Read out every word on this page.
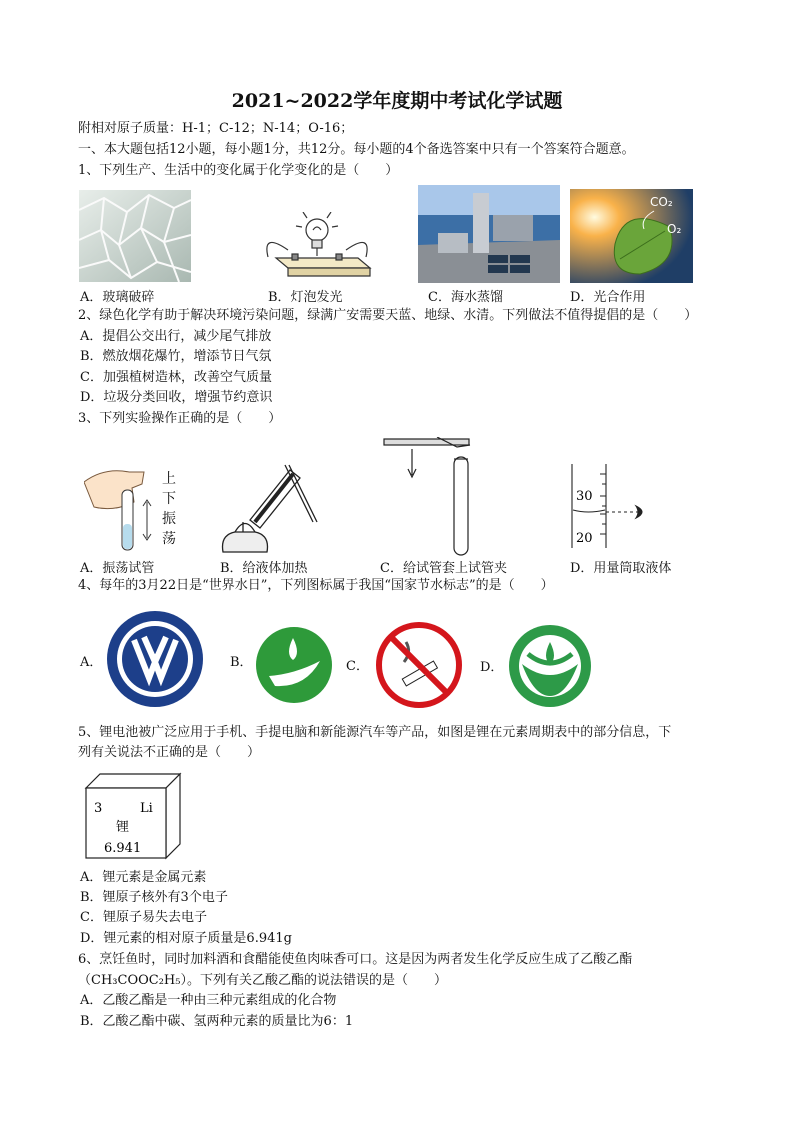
2021~2022学年度期中考试化学试题
附相对原子质量：H-1；C-12；N-14；O-16；
一、本大题包括12小题，每小题1分，共12分。每小题的4个备选答案中只有一个答案符合题意。
1、下列生产、生活中的变化属于化学变化的是（　　）
CO₂
O₂
A．玻璃破碎	B．灯泡发光	C．海水蒸馏	D．光合作用
2、绿色化学有助于解决环境污染问题，绿满广安需要天蓝、地绿、水清。下列做法不值得提倡的是（　　）
A．提倡公交出行，减少尾气排放
B．燃放烟花爆竹，增添节日气氛
C．加强植树造林，改善空气质量
D．垃圾分类回收，增强节约意识
3、下列实验操作正确的是（　　）
上
下
振
荡
30
20
A．振荡试管	B．给液体加热	C．给试管套上试管夹	D．用量筒取液体
4、每年的3月22日是“世界水日”，下列图标属于我国“国家节水标志”的是（　　）
A．	B．	C．	D．
5、锂电池被广泛应用于手机、手提电脑和新能源汽车等产品，如图是锂在元素周期表中的部分信息，下
列有关说法不正确的是（　　）
3	Li
锂
6.941
A．锂元素是金属元素
B．锂原子核外有3个电子
C．锂原子易失去电子
D．锂元素的相对原子质量是6.941g
6、烹饪鱼时，同时加料酒和食醋能使鱼肉味香可口。这是因为两者发生化学反应生成了乙酸乙酯
（CH₃COOC₂H₅）。下列有关乙酸乙酯的说法错误的是（　　）
A．乙酸乙酯是一种由三种元素组成的化合物
B．乙酸乙酯中碳、氢两种元素的质量比为6：1
